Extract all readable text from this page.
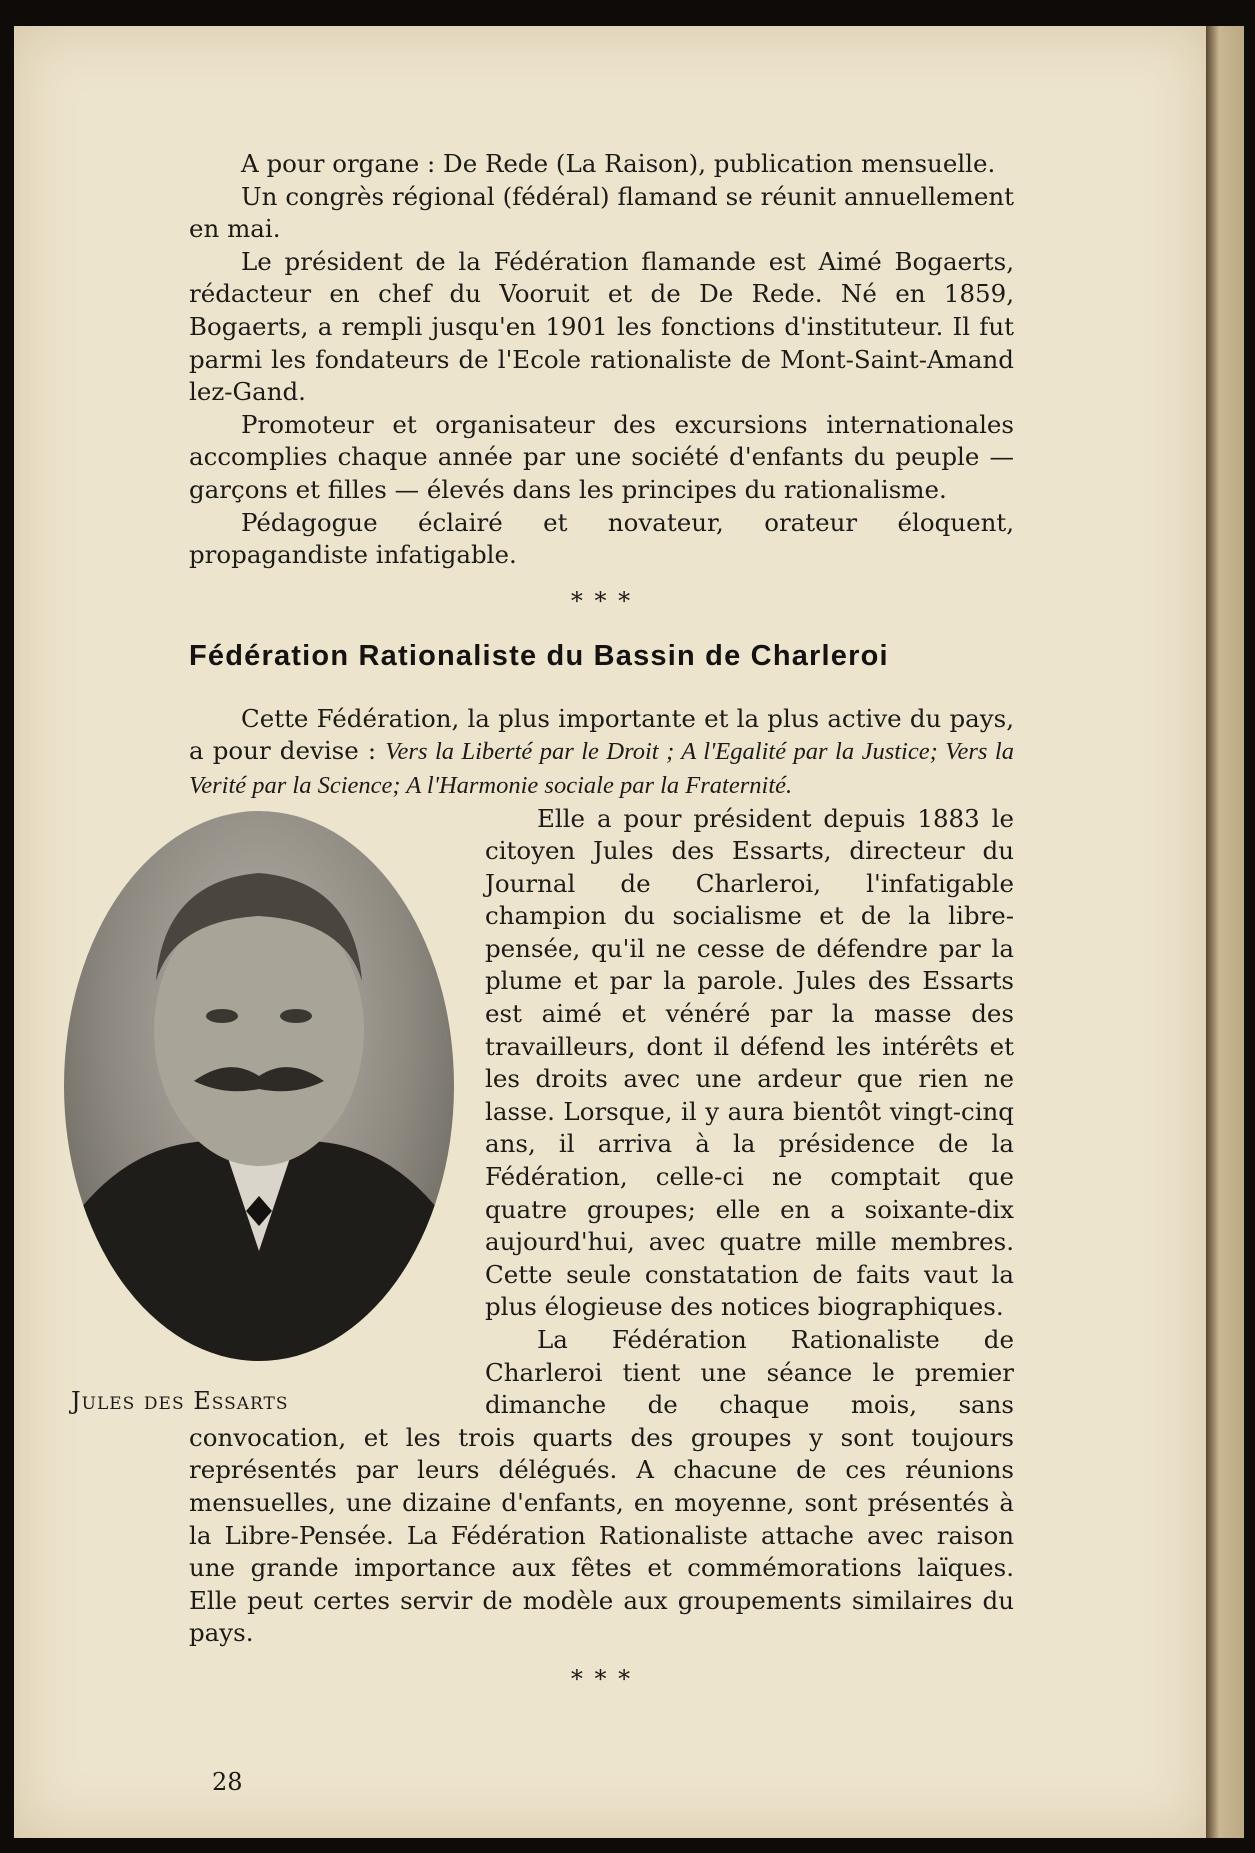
A pour organe : De Rede (La Raison), publication mensuelle.

Un congrès régional (fédéral) flamand se réunit annuellement en mai.

Le président de la Fédération flamande est Aimé Bogaerts, rédacteur en chef du Vooruit et de De Rede. Né en 1859, Bogaerts, a rempli jusqu'en 1901 les fonctions d'instituteur. Il fut parmi les fondateurs de l'Ecole rationaliste de Mont-Saint-Amand lez-Gand.

Promoteur et organisateur des excursions internationales accomplies chaque année par une société d'enfants du peuple — garçons et filles — élevés dans les principes du rationalisme.

Pédagogue éclairé et novateur, orateur éloquent, propagandiste infatigable.

* * *
Fédération Rationaliste du Bassin de Charleroi

Cette Fédération, la plus importante et la plus active du pays, a pour devise : Vers la Liberté par le Droit ; A l'Egalité par la Justice; Vers la Verité par la Science; A l'Harmonie sociale par la Fraternité.

Jules des Essarts

Elle a pour président depuis 1883 le citoyen Jules des Essarts, directeur du Journal de Charleroi, l'infatigable champion du socialisme et de la libre-pensée, qu'il ne cesse de défendre par la plume et par la parole. Jules des Essarts est aimé et vénéré par la masse des travailleurs, dont il défend les intérêts et les droits avec une ardeur que rien ne lasse. Lorsque, il y aura bientôt vingt-cinq ans, il arriva à la présidence de la Fédération, celle-ci ne comptait que quatre groupes; elle en a soixante-dix aujourd'hui, avec quatre mille membres. Cette seule constatation de faits vaut la plus élogieuse des notices biographiques.

La Fédération Rationaliste de Charleroi tient une séance le premier dimanche de chaque mois, sans convocation, et les trois quarts des groupes y sont toujours représentés par leurs délégués. A chacune de ces réunions mensuelles, une dizaine d'enfants, en moyenne, sont présentés à la Libre-Pensée. La Fédération Rationaliste attache avec raison une grande importance aux fêtes et commémorations laïques. Elle peut certes servir de modèle aux groupements similaires du pays.

* * *
28
